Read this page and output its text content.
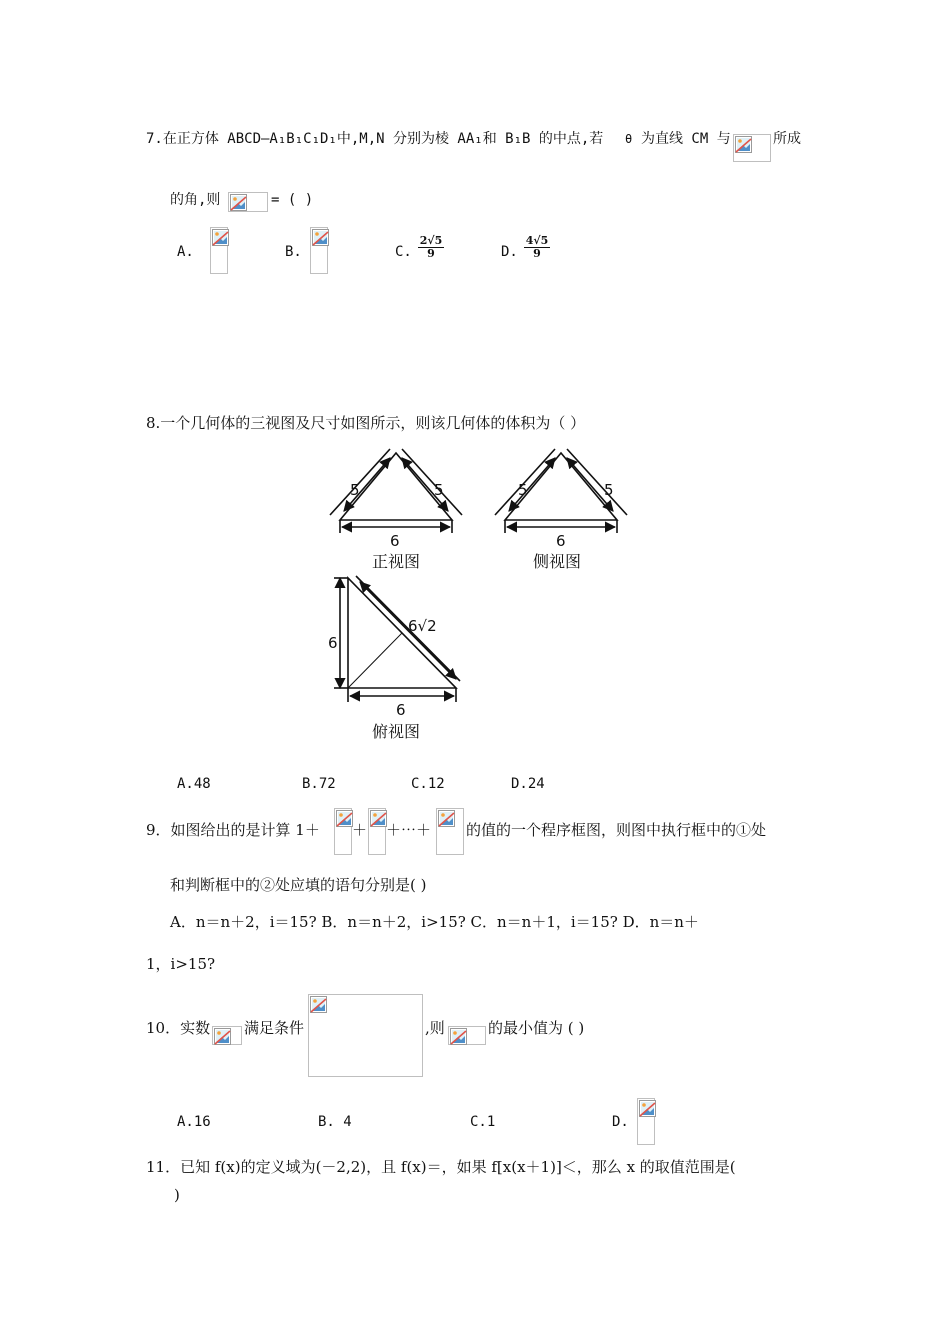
7.在正方体 ABCD–A₁B₁C₁D₁中,M,N 分别为棱 AA₁和 B₁B 的中点,若 θ 为直线 CM 与	所成
的角,则	= ( )
A.	B.	C. $\frac{2√5}{9}$	D. $\frac{4√5}{9}$
8.一个几何体的三视图及尺寸如图所示，则该几何体的体积为（ ）
5	5
6
正视图
5	5
6
侧视图
6
6√2
6
俯视图
A.48	B.72	C.12	D.24
9．如图给出的是计算 1＋ ＋ ＋⋯＋ 的值的一个程序框图，则图中执行框中的①处
和判断框中的②处应填的语句分别是( )
A．n＝n＋2，i＝15? B．n＝n＋2，i>15? C．n＝n＋1，i＝15? D．n＝n＋
1，i>15?
10．实数 满足条件	,则	的最小值为 ( )
A.16	B. 4	C.1	D.
11．已知 f(x)的定义域为(－2,2)，且 f(x)＝，如果 f[x(x＋1)]＜，那么 x 的取值范围是(
)
